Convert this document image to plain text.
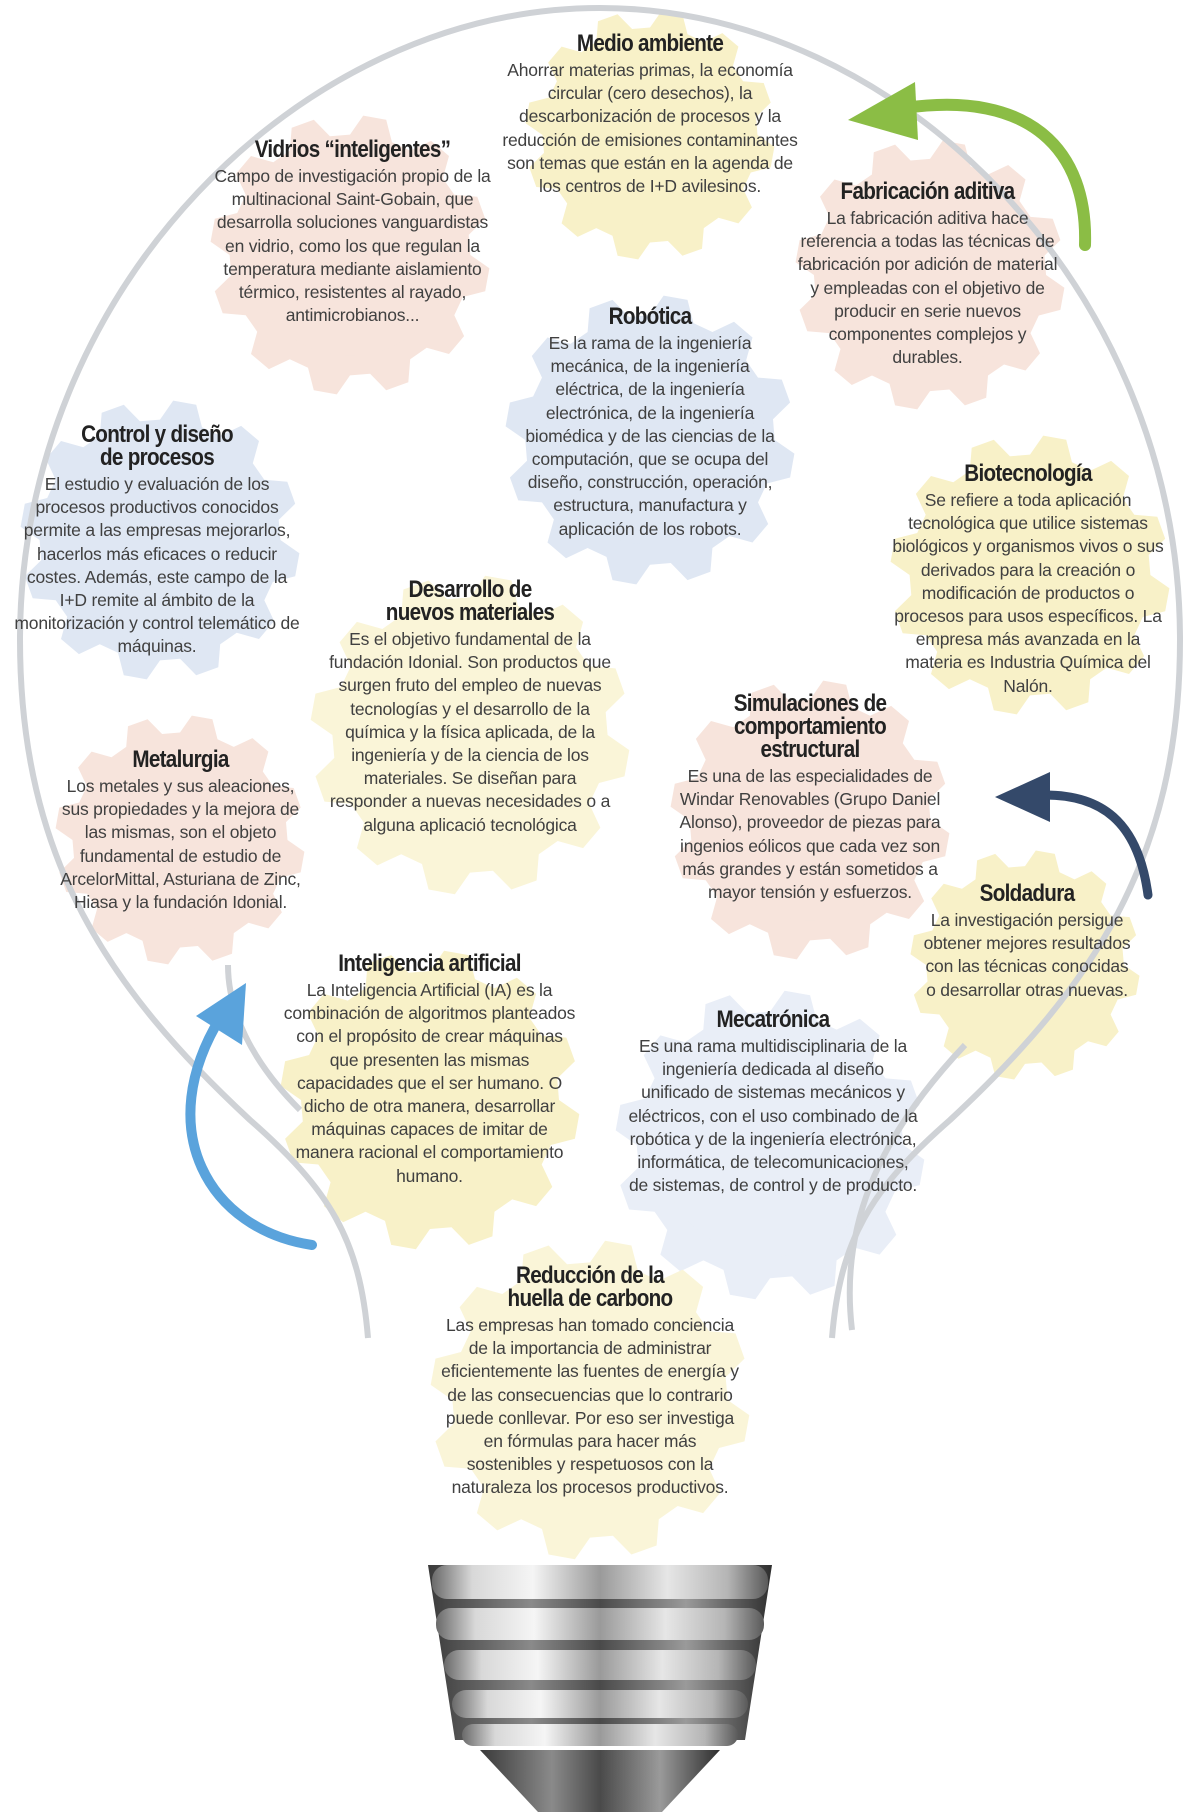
Medio ambiente

Ahorrar materias primas, la economía circular (cero desechos), la descarbonización de procesos y la reducción de emisiones contaminantes son temas que están en la agenda de los centros de I+D avilesinos.

Vidrios “inteligentes”

Campo de investigación propio de la multinacional Saint-Gobain, que desarrolla soluciones vanguardistas en vidrio, como los que regulan la temperatura mediante aislamiento térmico, resistentes al rayado, antimicrobianos...

Fabricación aditiva

La fabricación aditiva hace referencia a todas las técnicas de fabricación por adición de material y empleadas con el objetivo de producir en serie nuevos componentes complejos y durables.

Robótica

Es la rama de la ingeniería mecánica, de la ingeniería eléctrica, de la ingeniería electrónica, de la ingeniería biomédica y de las ciencias de la computación, que se ocupa del diseño, construcción, operación, estructura, manufactura y aplicación de los robots.

Control y diseño de procesos

El estudio y evaluación de los procesos productivos conocidos permite a las empresas mejorarlos, hacerlos más eficaces o reducir costes. Además, este campo de la I+D remite al ámbito de la monitorización y control telemático de máquinas.

Biotecnología

Se refiere a toda aplicación tecnológica que utilice sistemas biológicos y organismos vivos o sus derivados para la creación o modificación de productos o procesos para usos específicos. La empresa más avanzada en la materia es Industria Química del Nalón.

Desarrollo de nuevos materiales

Es el objetivo fundamental de la fundación Idonial. Son productos que surgen fruto del empleo de nuevas tecnologías y el desarrollo de la química y la física aplicada, de la ingeniería y de la ciencia de los materiales. Se diseñan para responder a nuevas necesidades o a alguna aplicació tecnológica

Simulaciones de comportamiento estructural

Es una de las especialidades de Windar Renovables (Grupo Daniel Alonso), proveedor de piezas para ingenios eólicos que cada vez son más grandes y están sometidos a mayor tensión y esfuerzos.

Metalurgia

Los metales y sus aleaciones, sus propiedades y la mejora de las mismas, son el objeto fundamental de estudio de ArcelorMittal, Asturiana de Zinc, Hiasa y la fundación Idonial.	Soldadura

La investigación persigue obtener mejores resultados con las técnicas conocidas o desarrollar otras nuevas.

Inteligencia artificial

La Inteligencia Artificial (IA) es la combinación de algoritmos planteados con el propósito de crear máquinas que presenten las mismas capacidades que el ser humano. O dicho de otra manera, desarrollar máquinas capaces de imitar de manera racional el comportamiento humano.

Mecatrónica

Es una rama multidisciplinaria de la ingeniería dedicada al diseño unificado de sistemas mecánicos y eléctricos, con el uso combinado de la robótica y de la ingeniería electrónica, informática, de telecomunicaciones, de sistemas, de control y de producto.

Reducción de la huella de carbono

Las empresas han tomado conciencia de la importancia de administrar eficientemente las fuentes de energía y de las consecuencias que lo contrario puede conllevar. Por eso ser investiga en fórmulas para hacer más sostenibles y respetuosos con la naturaleza los procesos productivos.
